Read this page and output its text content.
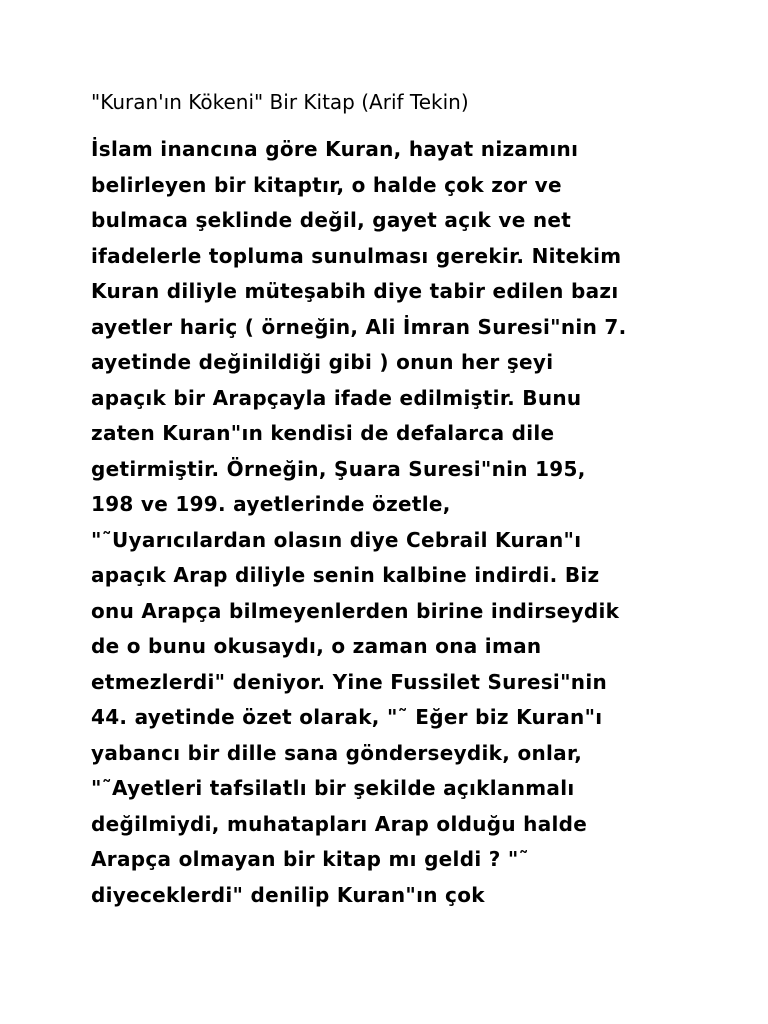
"Kuran'ın Kökeni" Bir Kitap (Arif Tekin)
İslam inancına göre Kuran, hayat nizamını
belirleyen bir kitaptır, o halde çok zor ve
bulmaca şeklinde değil, gayet açık ve net
ifadelerle topluma sunulması gerekir. Nitekim
Kuran diliyle müteşabih diye tabir edilen bazı
ayetler hariç ( örneğin, Ali İmran Suresi"nin 7.
ayetinde değinildiği gibi ) onun her şeyi
apaçık bir Arapçayla ifade edilmiştir. Bunu
zaten Kuran"ın kendisi de defalarca dile
getirmiştir. Örneğin, Şuara Suresi"nin 195,
198 ve 199. ayetlerinde özetle,
"˜Uyarıcılardan olasın diye Cebrail Kuran"ı
apaçık Arap diliyle senin kalbine indirdi. Biz
onu Arapça bilmeyenlerden birine indirseydik
de o bunu okusaydı, o zaman ona iman
etmezlerdi" deniyor. Yine Fussilet Suresi"nin
44. ayetinde özet olarak, "˜ Eğer biz Kuran"ı
yabancı bir dille sana gönderseydik, onlar,
"˜Ayetleri tafsilatlı bir şekilde açıklanmalı
değilmiydi, muhatapları Arap olduğu halde
Arapça olmayan bir kitap mı geldi ? "˜
diyeceklerdi" denilip Kuran"ın çok
